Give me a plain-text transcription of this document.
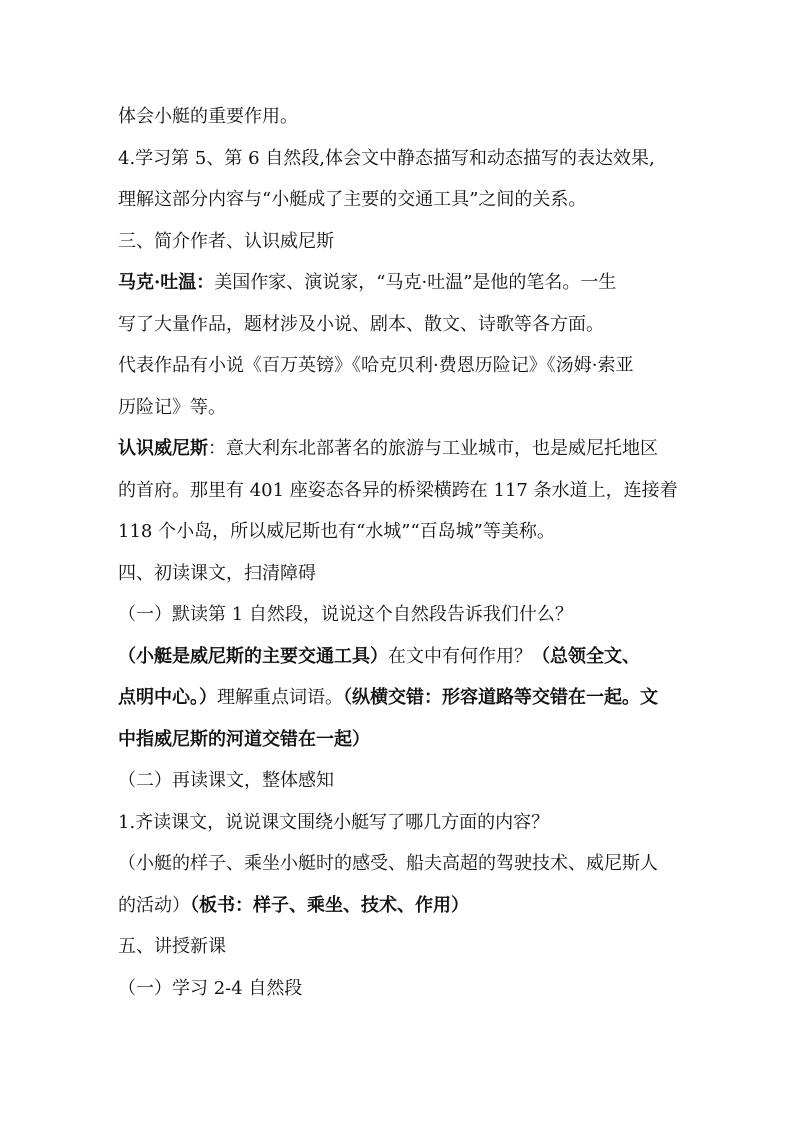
体会小艇的重要作用。
4.学习第 5、第 6 自然段,体会文中静态描写和动态描写的表达效果,
理解这部分内容与“小艇成了主要的交通工具”之间的关系。
三、简介作者、认识威尼斯
马克·吐温：美国作家、演说家，“马克·吐温”是他的笔名。一生
写了大量作品，题材涉及小说、剧本、散文、诗歌等各方面。
代表作品有小说《百万英镑》《哈克贝利·费恩历险记》《汤姆·索亚
历险记》等。
认识威尼斯：意大利东北部著名的旅游与工业城市，也是威尼托地区
的首府。那里有 401 座姿态各异的桥梁横跨在 117 条水道上，连接着
118 个小岛，所以威尼斯也有“水城”“百岛城”等美称。
四、初读课文，扫清障碍
（一）默读第 1 自然段，说说这个自然段告诉我们什么？
（小艇是威尼斯的主要交通工具）在文中有何作用？（总领全文、
点明中心。）理解重点词语。（纵横交错：形容道路等交错在一起。文
中指威尼斯的河道交错在一起）
（二）再读课文，整体感知
1.齐读课文，说说课文围绕小艇写了哪几方面的内容？
（小艇的样子、乘坐小艇时的感受、船夫高超的驾驶技术、威尼斯人
的活动）（板书：样子、乘坐、技术、作用）
五、讲授新课
（一）学习 2-4 自然段
